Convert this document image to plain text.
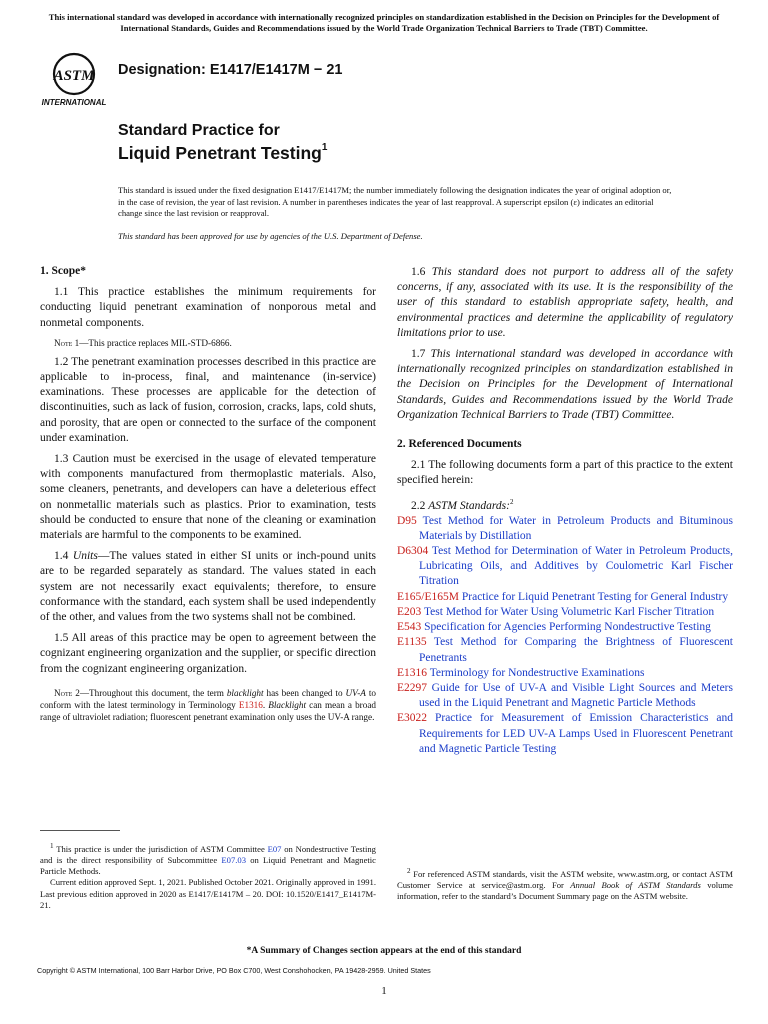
This international standard was developed in accordance with internationally recognized principles on standardization established in the Decision on Principles for the Development of International Standards, Guides and Recommendations issued by the World Trade Organization Technical Barriers to Trade (TBT) Committee.
ASTM
INTERNATIONAL
Designation: E1417/E1417M − 21
Standard Practice for
Liquid Penetrant Testing$^1$
This standard is issued under the fixed designation E1417/E1417M; the number immediately following the designation indicates the year of original adoption or, in the case of revision, the year of last revision. A number in parentheses indicates the year of last reapproval. A superscript epsilon (ε) indicates an editorial change since the last revision or reapproval.
This standard has been approved for use by agencies of the U.S. Department of Defense.
1. Scope*

1.1 This practice establishes the minimum requirements for conducting liquid penetrant examination of nonporous metal and nonmetal components.

Note 1—This practice replaces MIL-STD-6866.

1.2 The penetrant examination processes described in this practice are applicable to in-process, final, and maintenance (in-service) examinations. These processes are applicable for the detection of discontinuities, such as lack of fusion, corrosion, cracks, laps, cold shuts, and porosity, that are open or connected to the surface of the component under examination.

1.3 Caution must be exercised in the usage of elevated temperature with components manufactured from thermoplastic materials. Also, some cleaners, penetrants, and developers can have a deleterious effect on nonmetallic materials such as plastics. Prior to examination, tests should be conducted to ensure that none of the cleaning or examination materials are harmful to the components to be examined.

1.4 Units—The values stated in either SI units or inch-pound units are to be regarded separately as standard. The values stated in each system are not necessarily exact equivalents; therefore, to ensure conformance with the standard, each system shall be used independently of the other, and values from the two systems shall not be combined.

1.5 All areas of this practice may be open to agreement between the cognizant engineering organization and the supplier, or specific direction from the cognizant engineering organization.

Note 2—Throughout this document, the term blacklight has been changed to UV-A to conform with the latest terminology in Terminology E1316. Blacklight can mean a broad range of ultraviolet radiation; fluorescent penetrant examination only uses the UV-A range.

1.6 This standard does not purport to address all of the safety concerns, if any, associated with its use. It is the responsibility of the user of this standard to establish appropriate safety, health, and environmental practices and determine the applicability of regulatory limitations prior to use.

1.7 This international standard was developed in accordance with internationally recognized principles on standardization established in the Decision on Principles for the Development of International Standards, Guides and Recommendations issued by the World Trade Organization Technical Barriers to Trade (TBT) Committee.

2. Referenced Documents

2.1 The following documents form a part of this practice to the extent specified herein:

2.2 ASTM Standards:$^2$

D95 Test Method for Water in Petroleum Products and Bituminous Materials by Distillation
D6304 Test Method for Determination of Water in Petroleum Products, Lubricating Oils, and Additives by Coulometric Karl Fischer Titration
E165/E165M Practice for Liquid Penetrant Testing for General Industry
E203 Test Method for Water Using Volumetric Karl Fischer Titration
E543 Specification for Agencies Performing Nondestructive Testing
E1135 Test Method for Comparing the Brightness of Fluorescent Penetrants
E1316 Terminology for Nondestructive Examinations
E2297 Guide for Use of UV-A and Visible Light Sources and Meters used in the Liquid Penetrant and Magnetic Particle Methods
E3022 Practice for Measurement of Emission Characteristics and Requirements for LED UV-A Lamps Used in Fluorescent Penetrant and Magnetic Particle Testing

$^1$ This practice is under the jurisdiction of ASTM Committee E07 on Nondestructive Testing and is the direct responsibility of Subcommittee E07.03 on Liquid Penetrant and Magnetic Particle Methods.

Current edition approved Sept. 1, 2021. Published October 2021. Originally approved in 1991. Last previous edition approved in 2020 as E1417/E1417M – 20. DOI: 10.1520/E1417_E1417M-21.

$^2$ For referenced ASTM standards, visit the ASTM website, www.astm.org, or contact ASTM Customer Service at service@astm.org. For Annual Book of ASTM Standards volume information, refer to the standard’s Document Summary page on the ASTM website.

*A Summary of Changes section appears at the end of this standard
Copyright © ASTM International, 100 Barr Harbor Drive, PO Box C700, West Conshohocken, PA 19428-2959. United States
1
